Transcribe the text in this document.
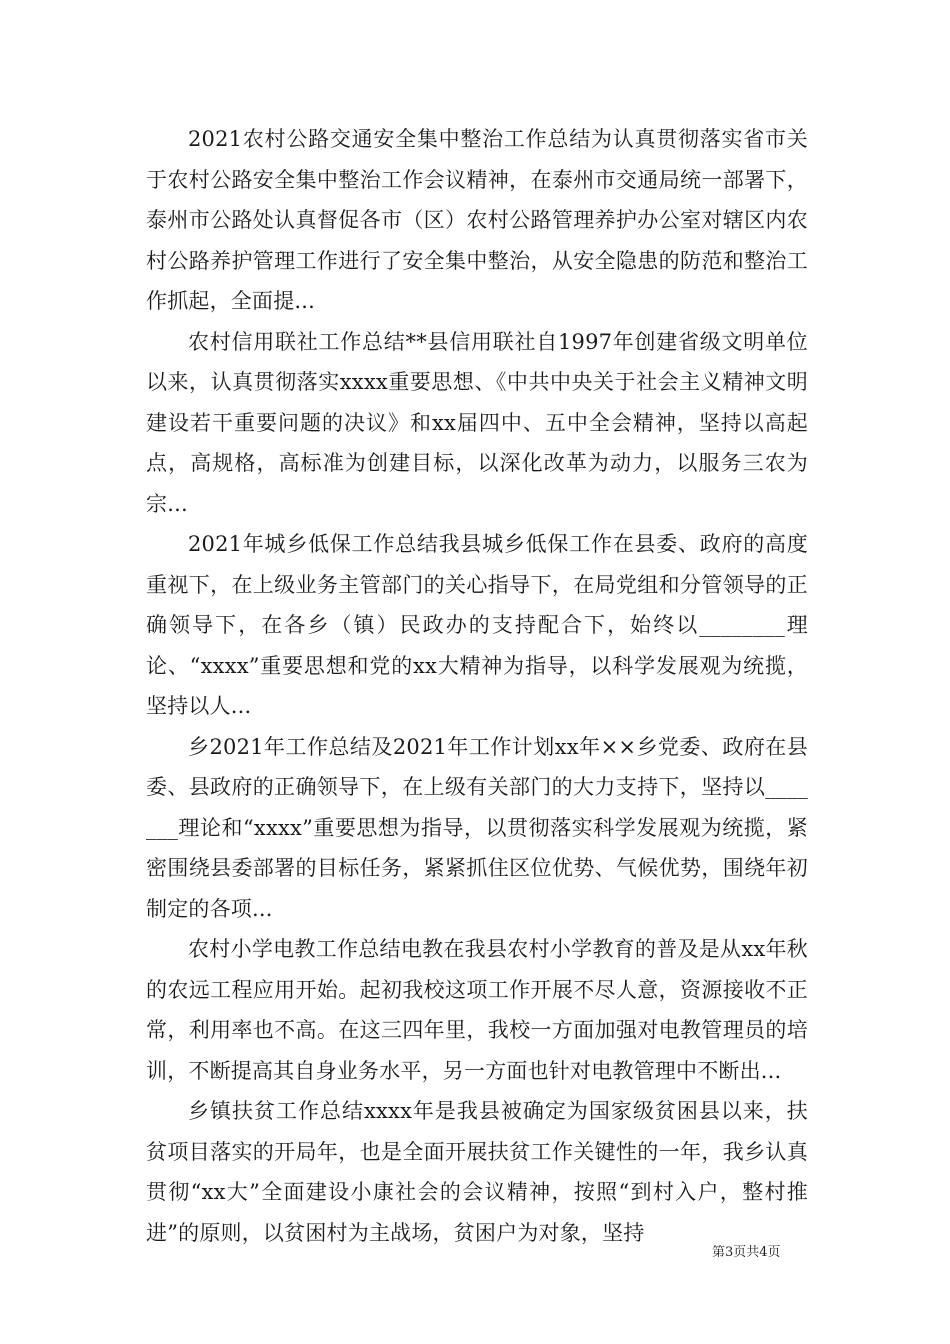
2021农村公路交通安全集中整治工作总结为认真贯彻落实省市关于农村公路安全集中整治工作会议精神，在泰州市交通局统一部署下，泰州市公路处认真督促各市（区）农村公路管理养护办公室对辖区内农村公路养护管理工作进行了安全集中整治，从安全隐患的防范和整治工作抓起，全面提...

农村信用联社工作总结**县信用联社自1997年创建省级文明单位以来，认真贯彻落实xxxx重要思想、《中共中央关于社会主义精神文明建设若干重要问题的决议》和xx届四中、五中全会精神，坚持以高起点，高规格，高标准为创建目标，以深化改革为动力，以服务三农为宗...

2021年城乡低保工作总结我县城乡低保工作在县委、政府的高度重视下，在上级业务主管部门的关心指导下，在局党组和分管领导的正确领导下，在各乡（镇）民政办的支持配合下，始终以________理论、“xxxx”重要思想和党的xx大精神为指导，以科学发展观为统揽，坚持以人...

乡2021年工作总结及2021年工作计划xx年××乡党委、政府在县委、县政府的正确领导下，在上级有关部门的大力支持下，坚持以_______理论和“xxxx”重要思想为指导，以贯彻落实科学发展观为统揽，紧密围绕县委部署的目标任务，紧紧抓住区位优势、气候优势，围绕年初制定的各项...

农村小学电教工作总结电教在我县农村小学教育的普及是从xx年秋的农远工程应用开始。起初我校这项工作开展不尽人意，资源接收不正常，利用率也不高。在这三四年里，我校一方面加强对电教管理员的培训，不断提高其自身业务水平，另一方面也针对电教管理中不断出...

乡镇扶贫工作总结xxxx年是我县被确定为国家级贫困县以来，扶贫项目落实的开局年，也是全面开展扶贫工作关键性的一年，我乡认真贯彻“xx大”全面建设小康社会的会议精神，按照“到村入户，整村推进”的原则，以贫困村为主战场，贫困户为对象，坚持

第3页共4页
